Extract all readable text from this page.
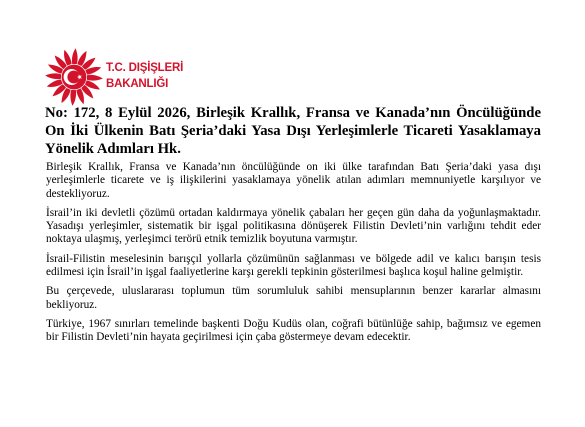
T.C. DIŞİŞLERİ
BAKANLIĞI
No: 172, 8 Eylül 2026, Birleşik Krallık, Fransa ve Kanada’nın Öncülüğünde
On İki Ülkenin Batı Şeria’daki Yasa Dışı Yerleşimlerle Ticareti Yasaklamaya
Yönelik Adımları Hk.
Birleşik Krallık, Fransa ve Kanada’nın öncülüğünde on iki ülke tarafından Batı Şeria’daki yasa dışı
yerleşimlerle ticarete ve iş ilişkilerini yasaklamaya yönelik atılan adımları memnuniyetle karşılıyor ve
destekliyoruz.
İsrail’in iki devletli çözümü ortadan kaldırmaya yönelik çabaları her geçen gün daha da yoğunlaşmaktadır.
Yasadışı yerleşimler, sistematik bir işgal politikasına dönüşerek Filistin Devleti’nin varlığını tehdit eder
noktaya ulaşmış, yerleşimci terörü etnik temizlik boyutuna varmıştır.
İsrail-Filistin meselesinin barışçıl yollarla çözümünün sağlanması ve bölgede adil ve kalıcı barışın tesis
edilmesi için İsrail’in işgal faaliyetlerine karşı gerekli tepkinin gösterilmesi başlıca koşul haline gelmiştir.
Bu çerçevede, uluslararası toplumun tüm sorumluluk sahibi mensuplarının benzer kararlar almasını
bekliyoruz.
Türkiye, 1967 sınırları temelinde başkenti Doğu Kudüs olan, coğrafi bütünlüğe sahip, bağımsız ve egemen
bir Filistin Devleti’nin hayata geçirilmesi için çaba göstermeye devam edecektir.
